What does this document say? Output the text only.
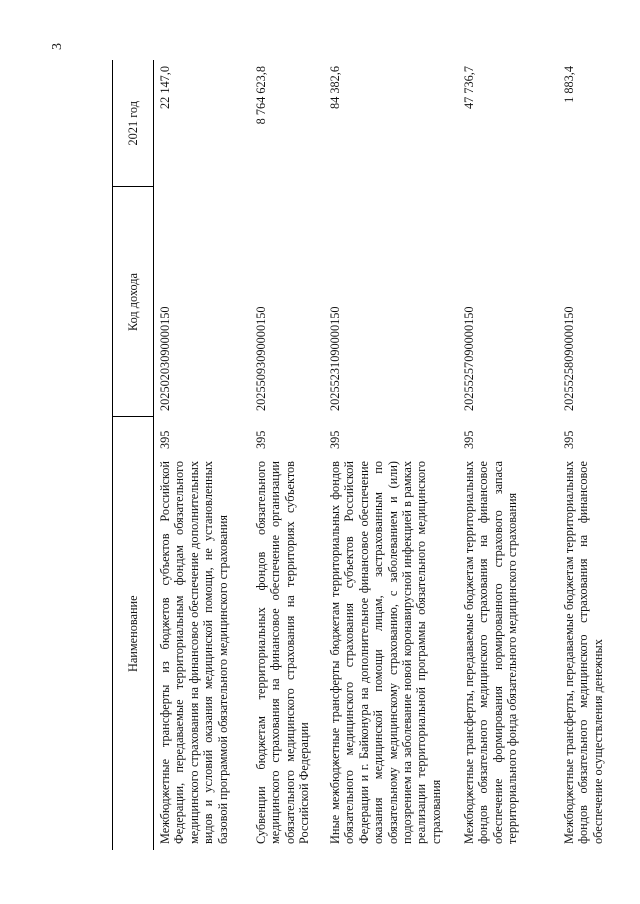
3
Наименование		Код дохода	2021 год
Межбюджетные трансферты из бюджетов субъектов Российской Федерации, передаваемые территориальным фондам обязательного медицинского страхования на финансовое обеспечение дополнительных видов и условий оказания медицинской помощи, не установленных базовой программой обязательного медицинского страхования	395	20250203090000150	22 147,0
Субвенции бюджетам территориальных фондов обязательного медицинского страхования на финансовое обеспечение организации обязательного медицинского страхования на территориях субъектов Российской Федерации	395	20255093090000150	8 764 623,8
Иные межбюджетные трансферты бюджетам территориальных фондов обязательного медицинского страхования субъектов Российской Федерации и г. Байконура на дополнительное финансовое обеспечение оказания медицинской помощи лицам, застрахованным по обязательному медицинскому страхованию, с заболеванием и (или) подозрением на заболевание новой коронавирусной инфекцией в рамках реализации территориальной программы обязательного медицинского страхования	395	20255231090000150	84 382,6
Межбюджетные трансферты, передаваемые бюджетам территориальных фондов обязательного медицинского страхования на финансовое обеспечение формирования нормированного страхового запаса территориального фонда обязательного медицинского страхования	395	20255257090000150	47 736,7
Межбюджетные трансферты, передаваемые бюджетам территориальных фондов обязательного медицинского страхования на финансовое обеспечение осуществления денежных	395	20255258090000150	1 883,4
